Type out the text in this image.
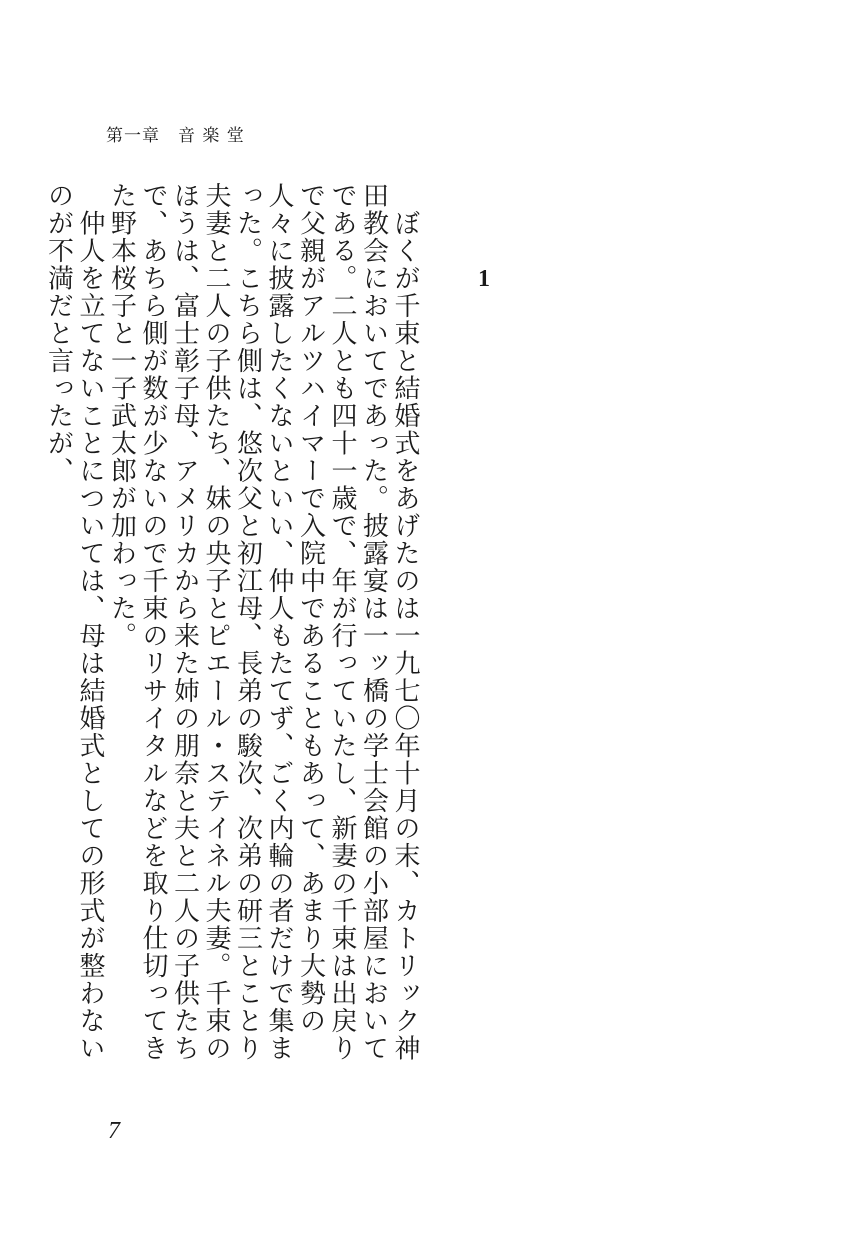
第一章　音 楽 堂
1

　ぼくが千束と結婚式をあげたのは一九七〇年十月の末、カトリック神田教会においてであった。披露宴は一ッ橋の学士会館の小部屋においてである。二人とも四十一歳で、年が行っていたし、新妻の千束は出戻りで父親がアルツハイマーで入院中であることもあって、あまり大勢の人々に披露したくないといい、仲人もたてず、ごく内輪の者だけで集まった。こちら側は、悠次父と初江母、長弟の駿次、次弟の研三とことり夫妻と二人の子供たち、妹の央子とピエール・ステイネル夫妻。千束のほうは、富士彰子母、アメリカから来た姉の朋奈と夫と二人の子供たちで、あちら側が数が少ないので千束のリサイタルなどを取り仕切ってきた野本桜子と一子武太郎が加わった。

　仲人を立てないことについては、母は結婚式としての形式が整わないのが不満だと言ったが、

7
